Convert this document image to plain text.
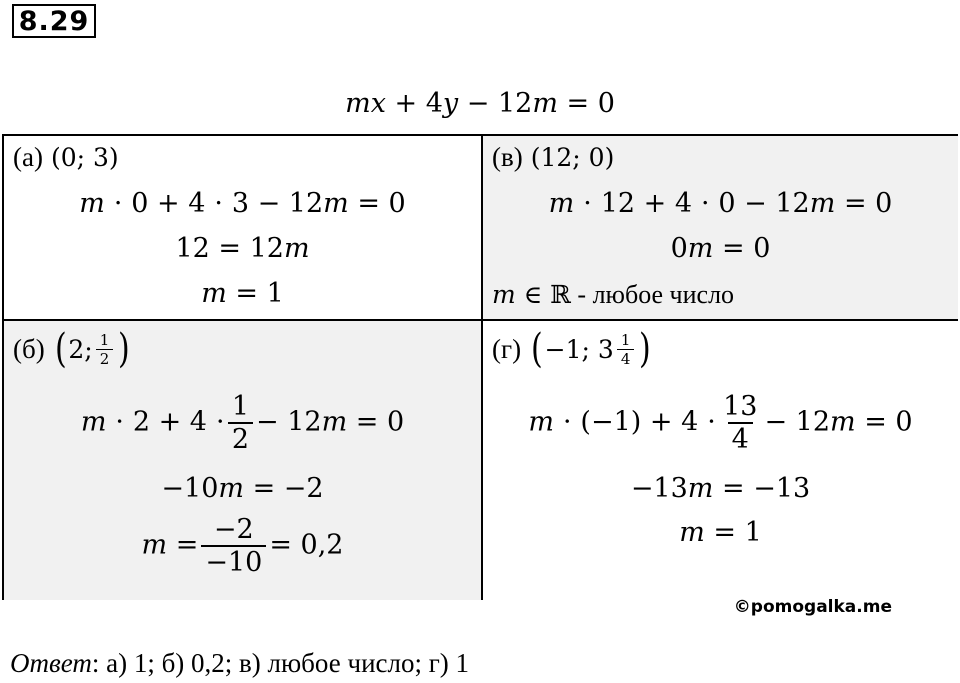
8.29
mx + 4y − 12m = 0
(а) (0; 3)
m ⋅ 0 + 4 ⋅ 3 − 12m = 0
12 = 12m
m = 1
(в) (12; 0)
m ⋅ 12 + 4 ⋅ 0 − 12m = 0
0m = 0
m ∈ ℝ - любое число
(б) ( 2; $\frac{1}{2}$ )
$m \cdot 2 + 4 \cdot \frac{1}{2} - 12m = 0$
−10m = −2
$m = \frac{-2}{-10} = 0,2$
(г) ( −1; $3 \frac{1}{4}$ )
$m \cdot (-1) + 4 \cdot \frac{13}{4} - 12m = 0$
−13m = −13
m = 1
©pomogalka.me
Ответ: а) 1; б) 0,2; в) любое число; г) 1
